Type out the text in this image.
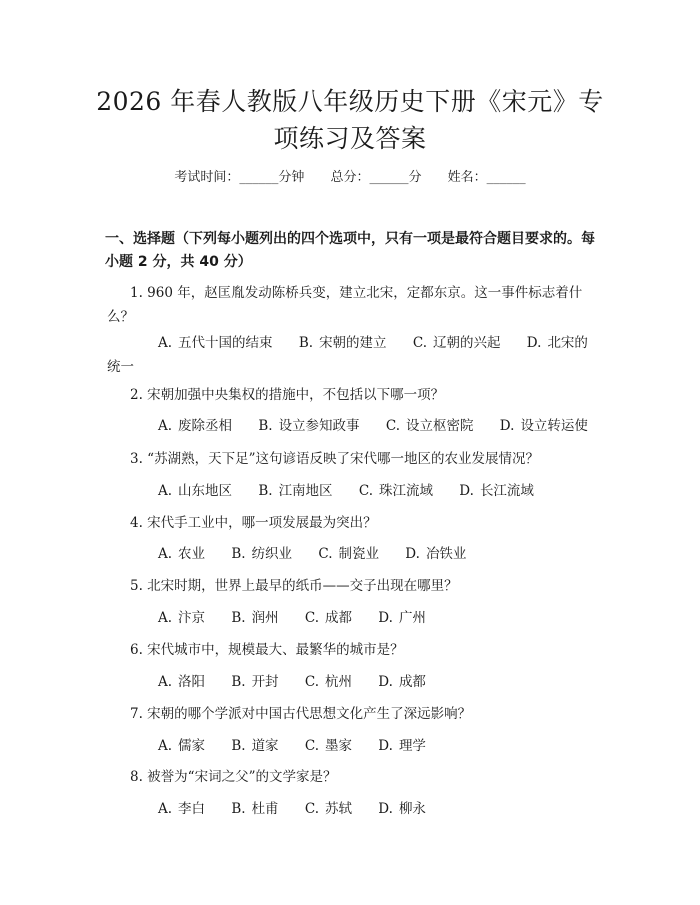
2026 年春人教版八年级历史下册《宋元》专
项练习及答案
考试时间：______分钟 总分：______分 姓名：______
一、选择题（下列每小题列出的四个选项中，只有一项是最符合题目要求的。每小题 2 分，共 40 分）
1. 960 年，赵匡胤发动陈桥兵变，建立北宋，定都东京。这一事件标志着什么？
A. 五代十国的结束 B. 宋朝的建立 C. 辽朝的兴起 D. 北宋的统一
2. 宋朝加强中央集权的措施中，不包括以下哪一项？
A. 废除丞相 B. 设立参知政事 C. 设立枢密院 D. 设立转运使
3. “苏湖熟，天下足”这句谚语反映了宋代哪一地区的农业发展情况？
A. 山东地区 B. 江南地区 C. 珠江流域 D. 长江流域
4. 宋代手工业中，哪一项发展最为突出？
A. 农业 B. 纺织业 C. 制瓷业 D. 冶铁业
5. 北宋时期，世界上最早的纸币——交子出现在哪里？
A. 汴京 B. 润州 C. 成都 D. 广州
6. 宋代城市中，规模最大、最繁华的城市是？
A. 洛阳 B. 开封 C. 杭州 D. 成都
7. 宋朝的哪个学派对中国古代思想文化产生了深远影响？
A. 儒家 B. 道家 C. 墨家 D. 理学
8. 被誉为“宋词之父”的文学家是？
A. 李白 B. 杜甫 C. 苏轼 D. 柳永
